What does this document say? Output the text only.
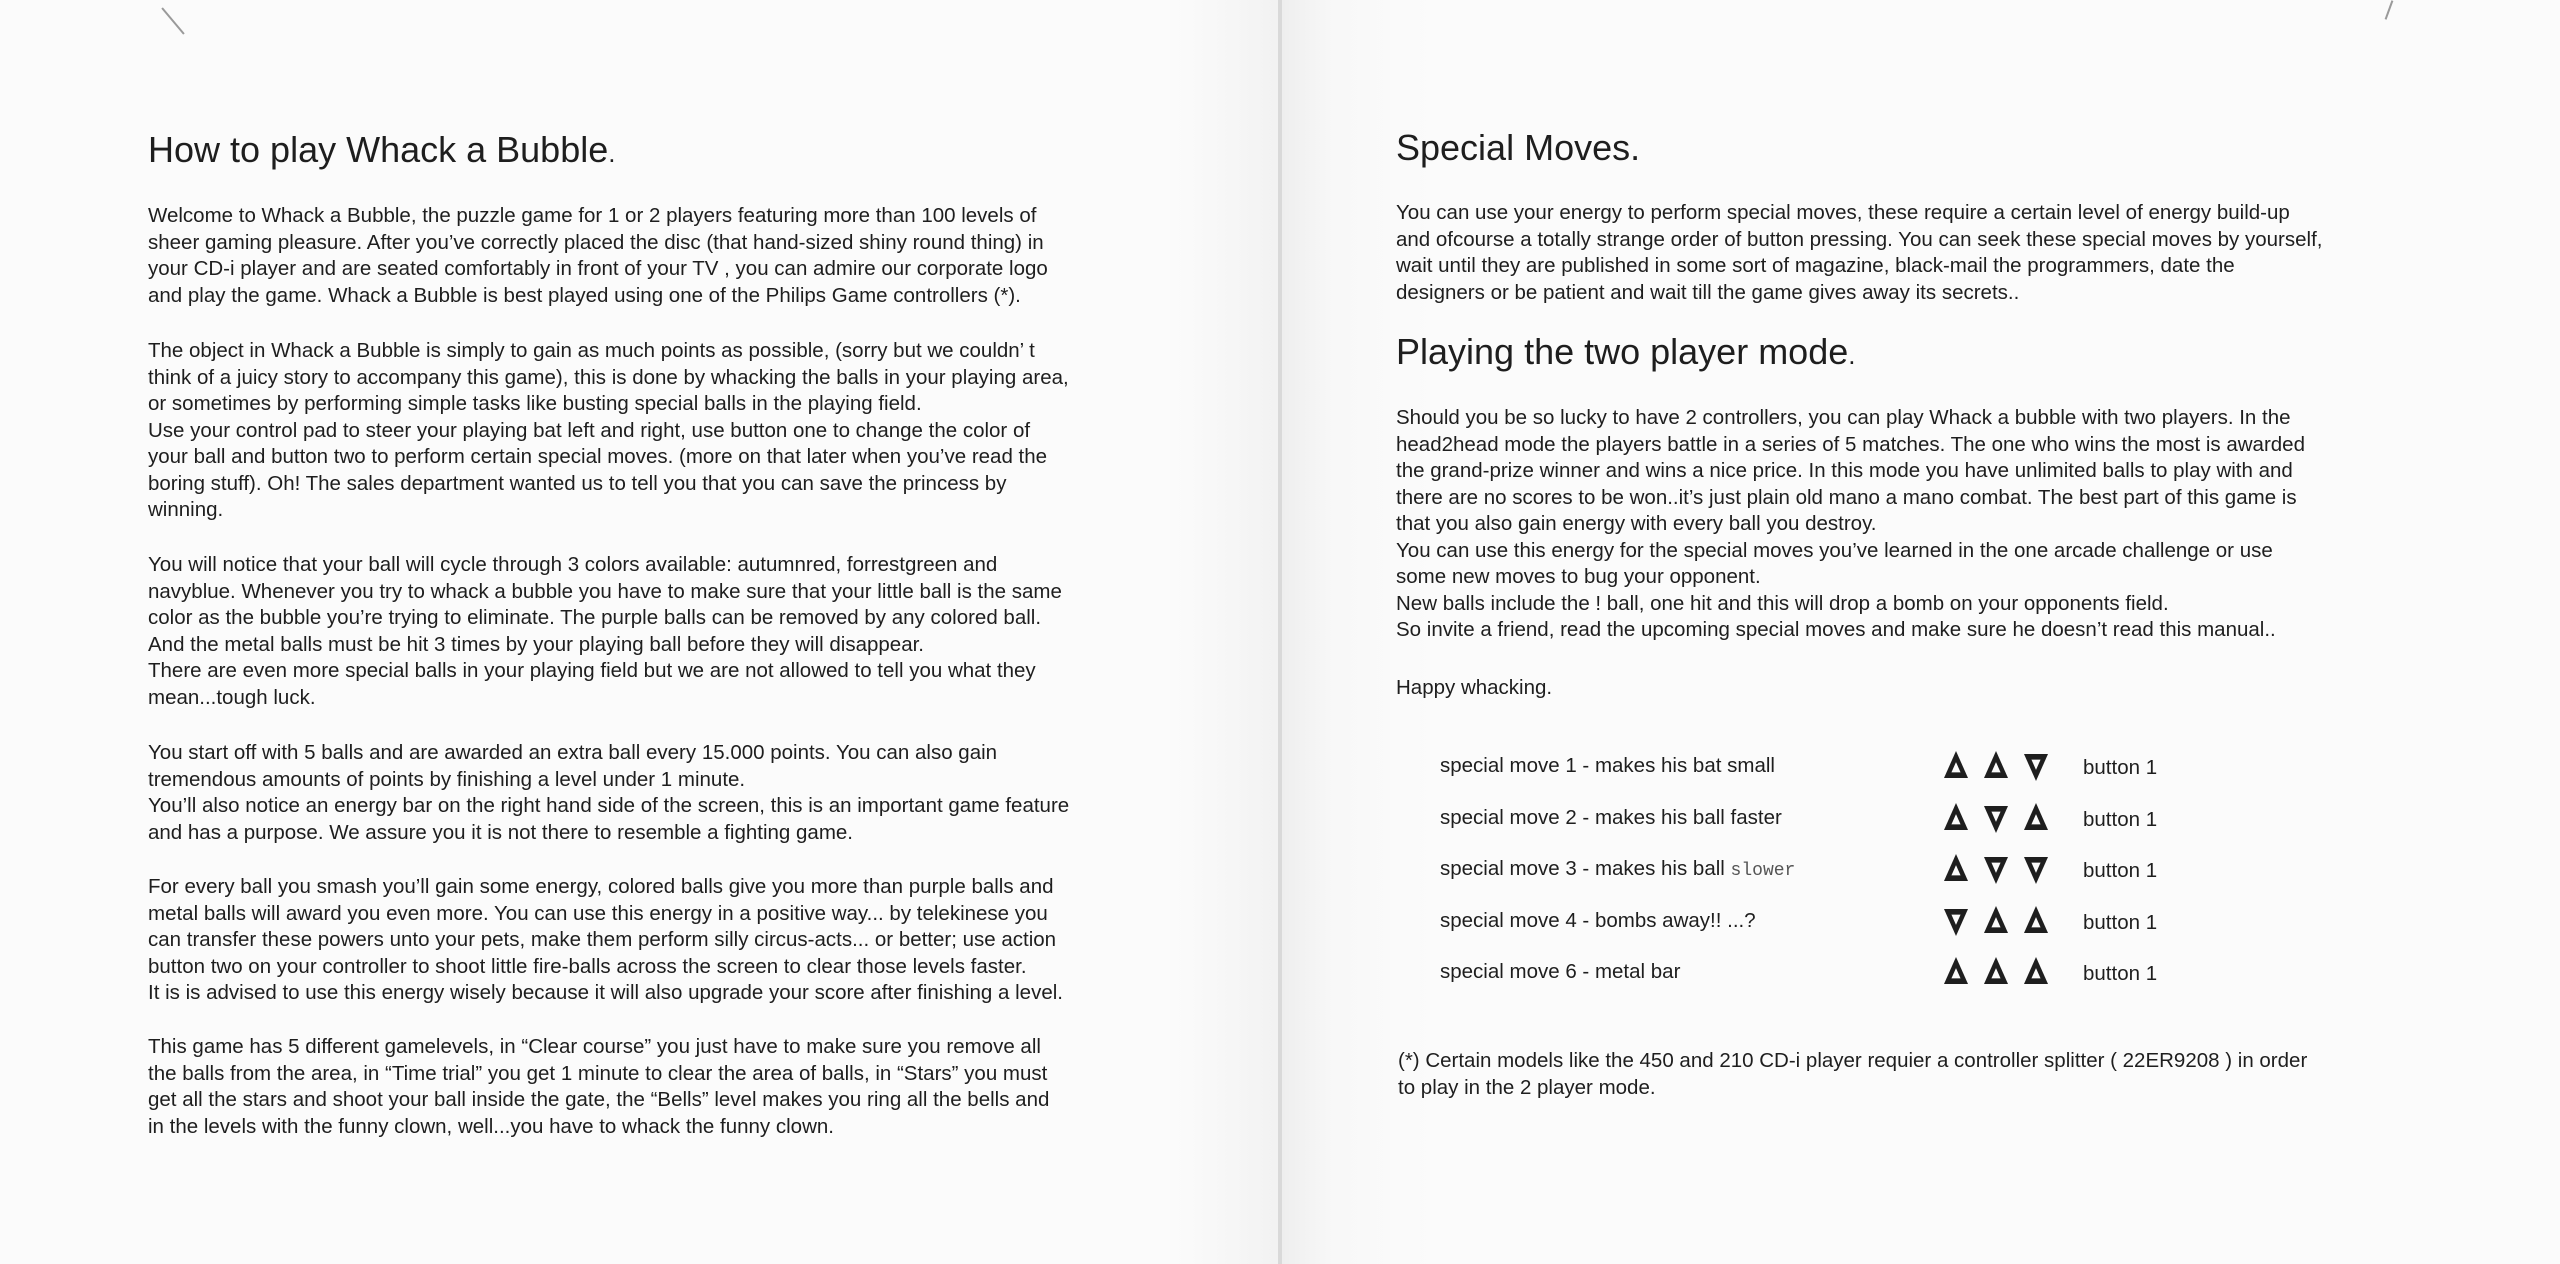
How to play Whack a Bubble.

Welcome to Whack a Bubble, the puzzle game for 1 or 2 players featuring more than 100 levels of
sheer gaming pleasure. After you’ve correctly placed the disc (that hand-sized shiny round thing) in
your CD-i player and are seated comfortably in front of your TV , you can admire our corporate logo
and play the game. Whack a Bubble is best played using one of the Philips Game controllers (*).

The object in Whack a Bubble is simply to gain as much points as possible, (sorry but we couldn’ t
think of a juicy story to accompany this game), this is done by whacking the balls in your playing area,
or sometimes by performing simple tasks like busting special balls in the playing field.
Use your control pad to steer your playing bat left and right, use button one to change the color of
your ball and button two to perform certain special moves. (more on that later when you’ve read the
boring stuff). Oh! The sales department wanted us to tell you that you can save the princess by
winning.

You will notice that your ball will cycle through 3 colors available: autumnred, forrestgreen and
navyblue. Whenever you try to whack a bubble you have to make sure that your little ball is the same
color as the bubble you’re trying to eliminate. The purple balls can be removed by any colored ball.
And the metal balls must be hit 3 times by your playing ball before they will disappear.
There are even more special balls in your playing field but we are not allowed to tell you what they
mean...tough luck.

You start off with 5 balls and are awarded an extra ball every 15.000 points. You can also gain
tremendous amounts of points by finishing a level under 1 minute.
You’ll also notice an energy bar on the right hand side of the screen, this is an important game feature
and has a purpose. We assure you it is not there to resemble a fighting game.

For every ball you smash you’ll gain some energy, colored balls give you more than purple balls and
metal balls will award you even more. You can use this energy in a positive way... by telekinese you
can transfer these powers unto your pets, make them perform silly circus-acts... or better; use action
button two on your controller to shoot little fire-balls across the screen to clear those levels faster.
It is is advised to use this energy wisely because it will also upgrade your score after finishing a level.

This game has 5 different gamelevels, in “Clear course” you just have to make sure you remove all
the balls from the area, in “Time trial” you get 1 minute to clear the area of balls, in “Stars” you must
get all the stars and shoot your ball inside the gate, the “Bells” level makes you ring all the bells and
in the levels with the funny clown, well...you have to whack the funny clown.

Special Moves.

You can use your energy to perform special moves, these require a certain level of energy build-up
and ofcourse a totally strange order of button pressing. You can seek these special moves by yourself,
wait until they are published in some sort of magazine, black-mail the programmers, date the
designers or be patient and wait till the game gives away its secrets..

Playing the two player mode.

Should you be so lucky to have 2 controllers, you can play Whack a bubble with two players. In the
head2head mode the players battle in a series of 5 matches. The one who wins the most is awarded
the grand-prize winner and wins a nice price. In this mode you have unlimited balls to play with and
there are no scores to be won..it’s just plain old mano a mano combat. The best part of this game is
that you also gain energy with every ball you destroy.
You can use this energy for the special moves you’ve learned in the one arcade challenge or use
some new moves to bug your opponent.
New balls include the ! ball, one hit and this will drop a bomb on your opponents field.
So invite a friend, read the upcoming special moves and make sure he doesn’t read this manual..

Happy whacking.

special move 1 - makes his bat small	button 1
special move 2 - makes his ball faster	button 1
special move 3 - makes his ball slower	button 1
special move 4 - bombs away!! ...?	button 1
special move 6 - metal bar	button 1

(*) Certain models like the 450 and 210 CD-i player requier a controller splitter ( 22ER9208 ) in order
to play in the 2 player mode.
